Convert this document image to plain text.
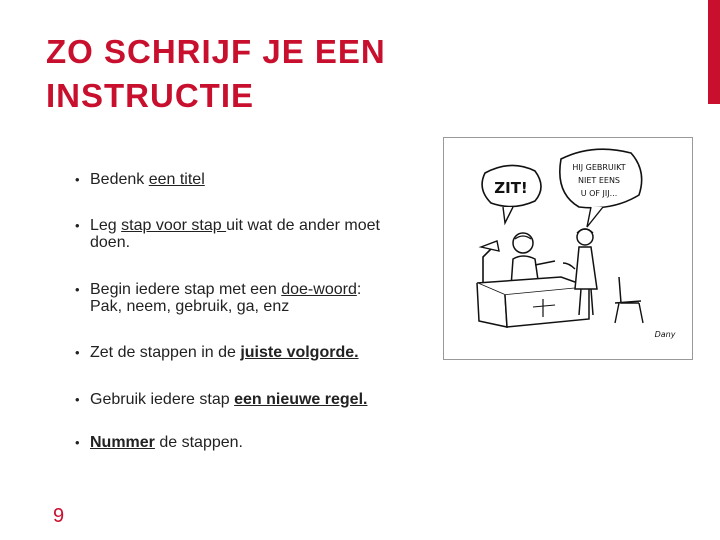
ZO SCHRIJF JE EEN
INSTRUCTIE
• Bedenk een titel
• Leg stap voor stap uit wat de ander moet
doen.
• Begin iedere stap met een doe-woord:
Pak, neem, gebruik, ga, enz
• Zet de stappen in de juiste volgorde.
• Gebruik iedere stap een nieuwe regel.
• Nummer de stappen.
ZIT!
HIJ GEBRUIKT
NIET EENS
U OF JIJ...
Dany
9
